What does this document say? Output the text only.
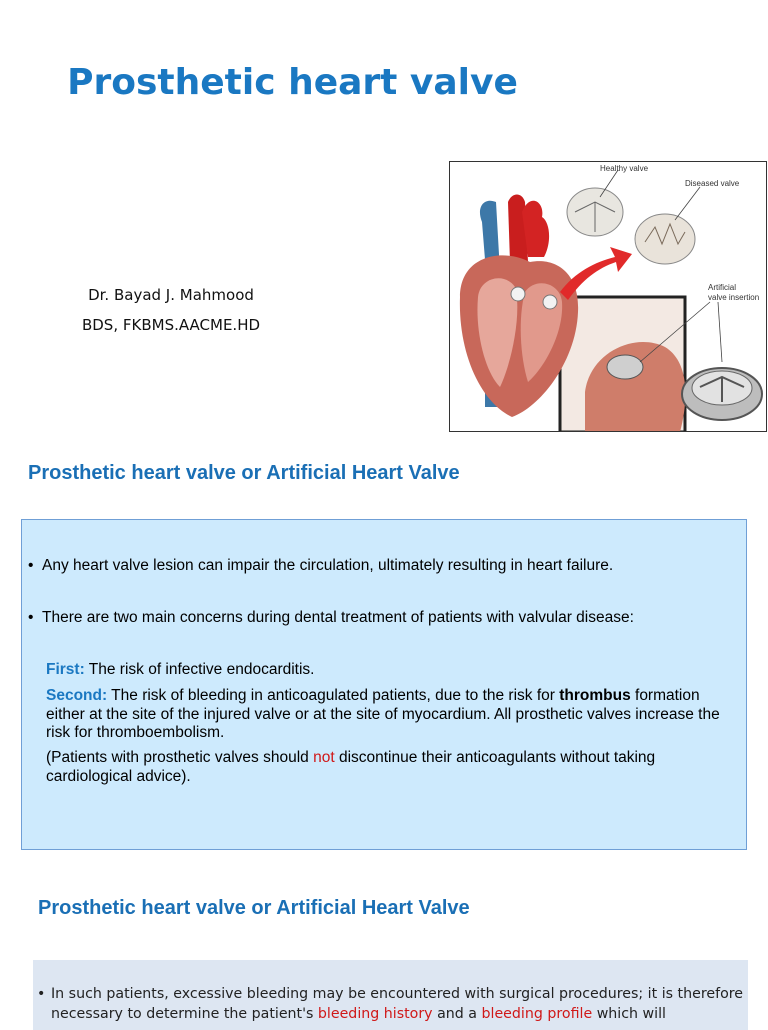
Prosthetic heart valve
Dr. Bayad J. Mahmood
BDS, FKBMS.AACME.HD
Healthy valve
Diseased valve
Artificial
valve insertion
Prosthetic heart valve or Artificial Heart Valve
• Any heart valve lesion can impair the circulation, ultimately resulting in heart failure.
• There are two main concerns during dental treatment of patients with valvular disease:
First: The risk of infective endocarditis.
Second: The risk of bleeding in anticoagulated patients, due to the risk for thrombus formation either at the site of the injured valve or at the site of myocardium. All prosthetic valves increase the risk for thromboembolism.
(Patients with prosthetic valves should not discontinue their anticoagulants without taking cardiological advice).
Prosthetic heart valve or Artificial Heart Valve
• In such patients, excessive bleeding may be encountered with surgical procedures; it is therefore necessary to determine the patient's bleeding history and a bleeding profile which will
